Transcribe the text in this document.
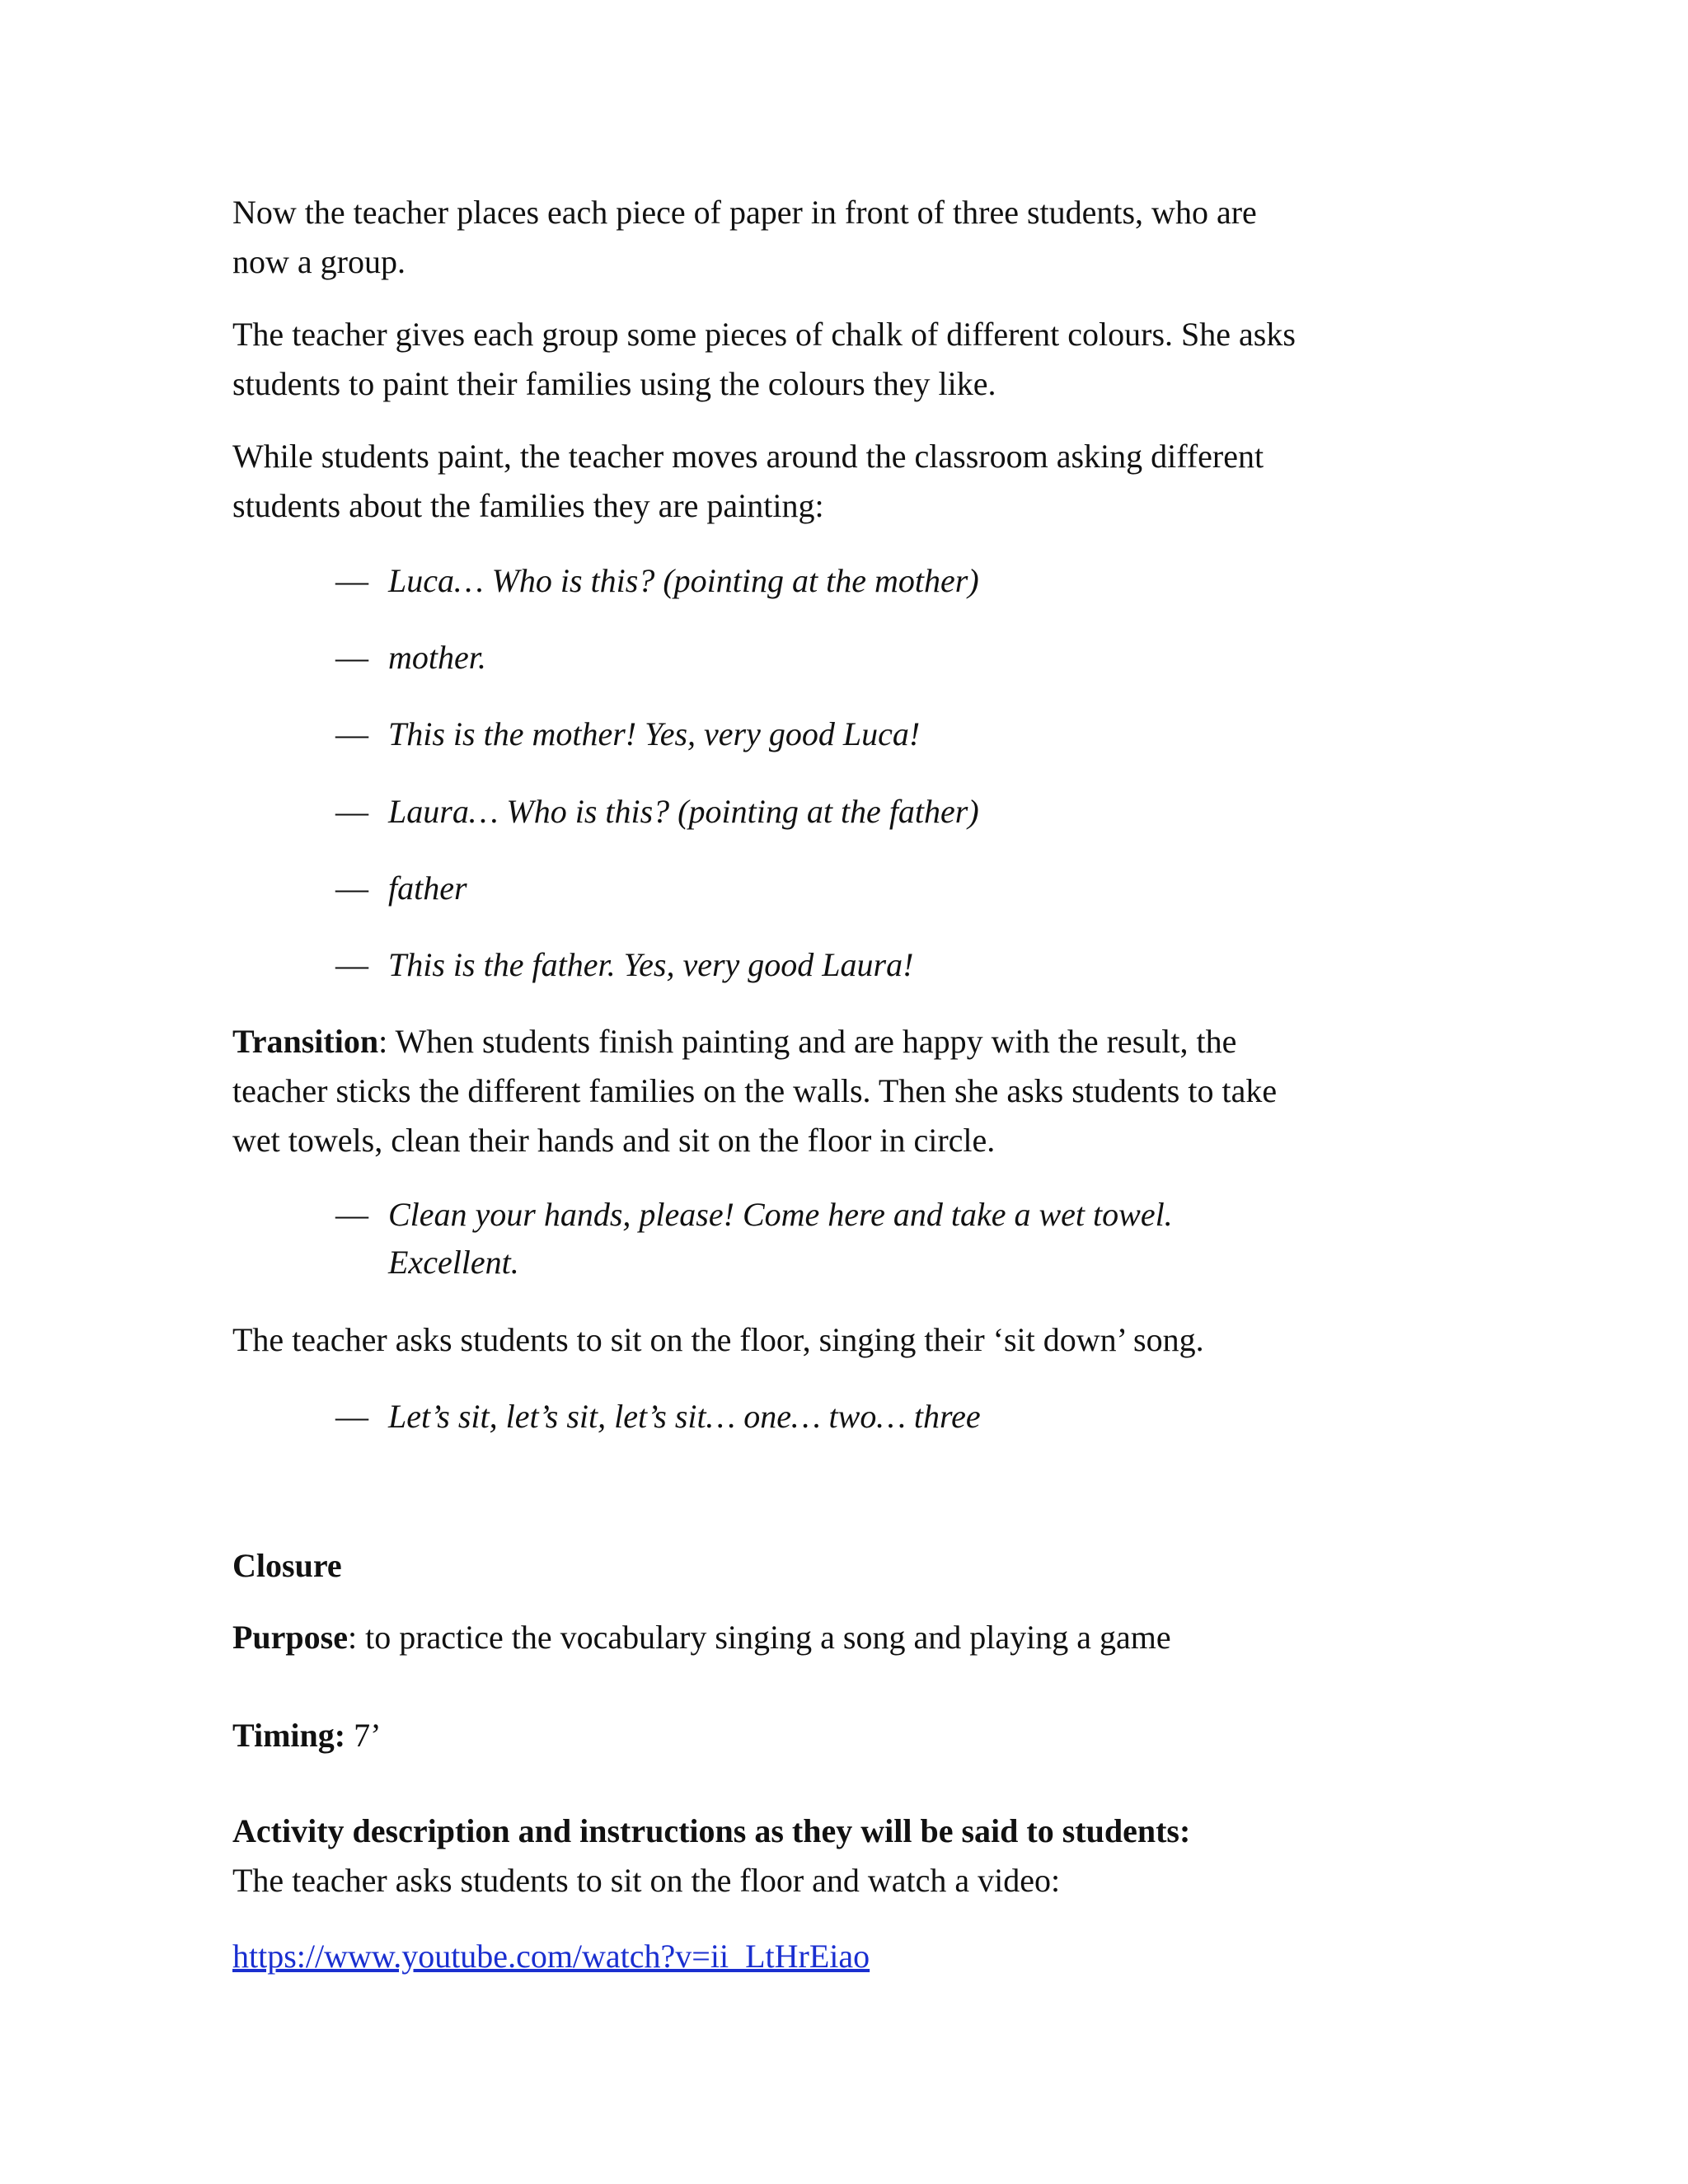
Now the teacher places each piece of paper in front of three students, who are
now a group.

The teacher gives each group some pieces of chalk of different colours. She asks
students to paint their families using the colours they like.

While students paint, the teacher moves around the classroom asking different
students about the families they are painting:

— Luca… Who is this? (pointing at the mother)
— mother.
— This is the mother! Yes, very good Luca!
— Laura… Who is this? (pointing at the father)
— father
— This is the father. Yes, very good Laura!

Transition: When students finish painting and are happy with the result, the
teacher sticks the different families on the walls. Then she asks students to take
wet towels, clean their hands and sit on the floor in circle.

— Clean your hands, please! Come here and take a wet towel.
Excellent.

The teacher asks students to sit on the floor, singing their ‘sit down’ song.

— Let’s sit, let’s sit, let’s sit… one… two… three

Closure

Purpose: to practice the vocabulary singing a song and playing a game

Timing: 7’

Activity description and instructions as they will be said to students:
The teacher asks students to sit on the floor and watch a video:

https://www.youtube.com/watch?v=ii_LtHrEiao
